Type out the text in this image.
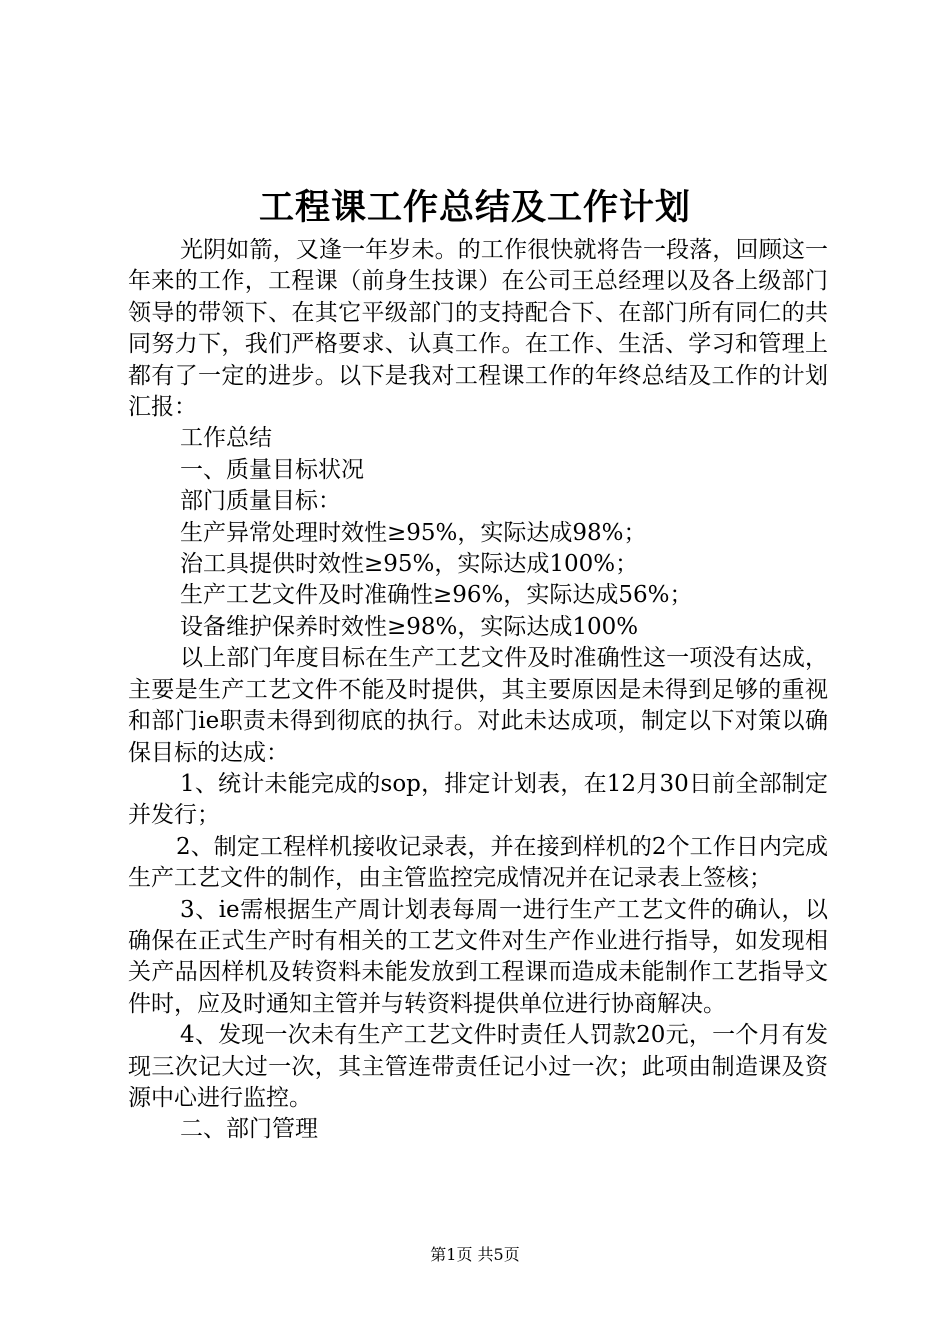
工程课工作总结及工作计划

光阴如箭，又逢一年岁未。的工作很快就将告一段落，回顾这一年来的工作，工程课（前身生技课）在公司王总经理以及各上级部门领导的带领下、在其它平级部门的支持配合下、在部门所有同仁的共同努力下，我们严格要求、认真工作。在工作、生活、学习和管理上都有了一定的进步。以下是我对工程课工作的年终总结及工作的计划汇报：

工作总结

一、质量目标状况

部门质量目标：

生产异常处理时效性≥95%，实际达成98%；

治工具提供时效性≥95%，实际达成100%；

生产工艺文件及时准确性≥96%，实际达成56%；

设备维护保养时效性≥98%，实际达成100%

以上部门年度目标在生产工艺文件及时准确性这一项没有达成，主要是生产工艺文件不能及时提供，其主要原因是未得到足够的重视和部门ie职责未得到彻底的执行。对此未达成项，制定以下对策以确保目标的达成：

1、统计未能完成的sop，排定计划表，在12月30日前全部制定并发行；

2、制定工程样机接收记录表，并在接到样机的2个工作日内完成生产工艺文件的制作，由主管监控完成情况并在记录表上签核；

3、ie需根据生产周计划表每周一进行生产工艺文件的确认，以确保在正式生产时有相关的工艺文件对生产作业进行指导，如发现相关产品因样机及转资料未能发放到工程课而造成未能制作工艺指导文件时，应及时通知主管并与转资料提供单位进行协商解决。

4、发现一次未有生产工艺文件时责任人罚款20元，一个月有发现三次记大过一次，其主管连带责任记小过一次；此项由制造课及资源中心进行监控。

二、部门管理

第1页 共5页
